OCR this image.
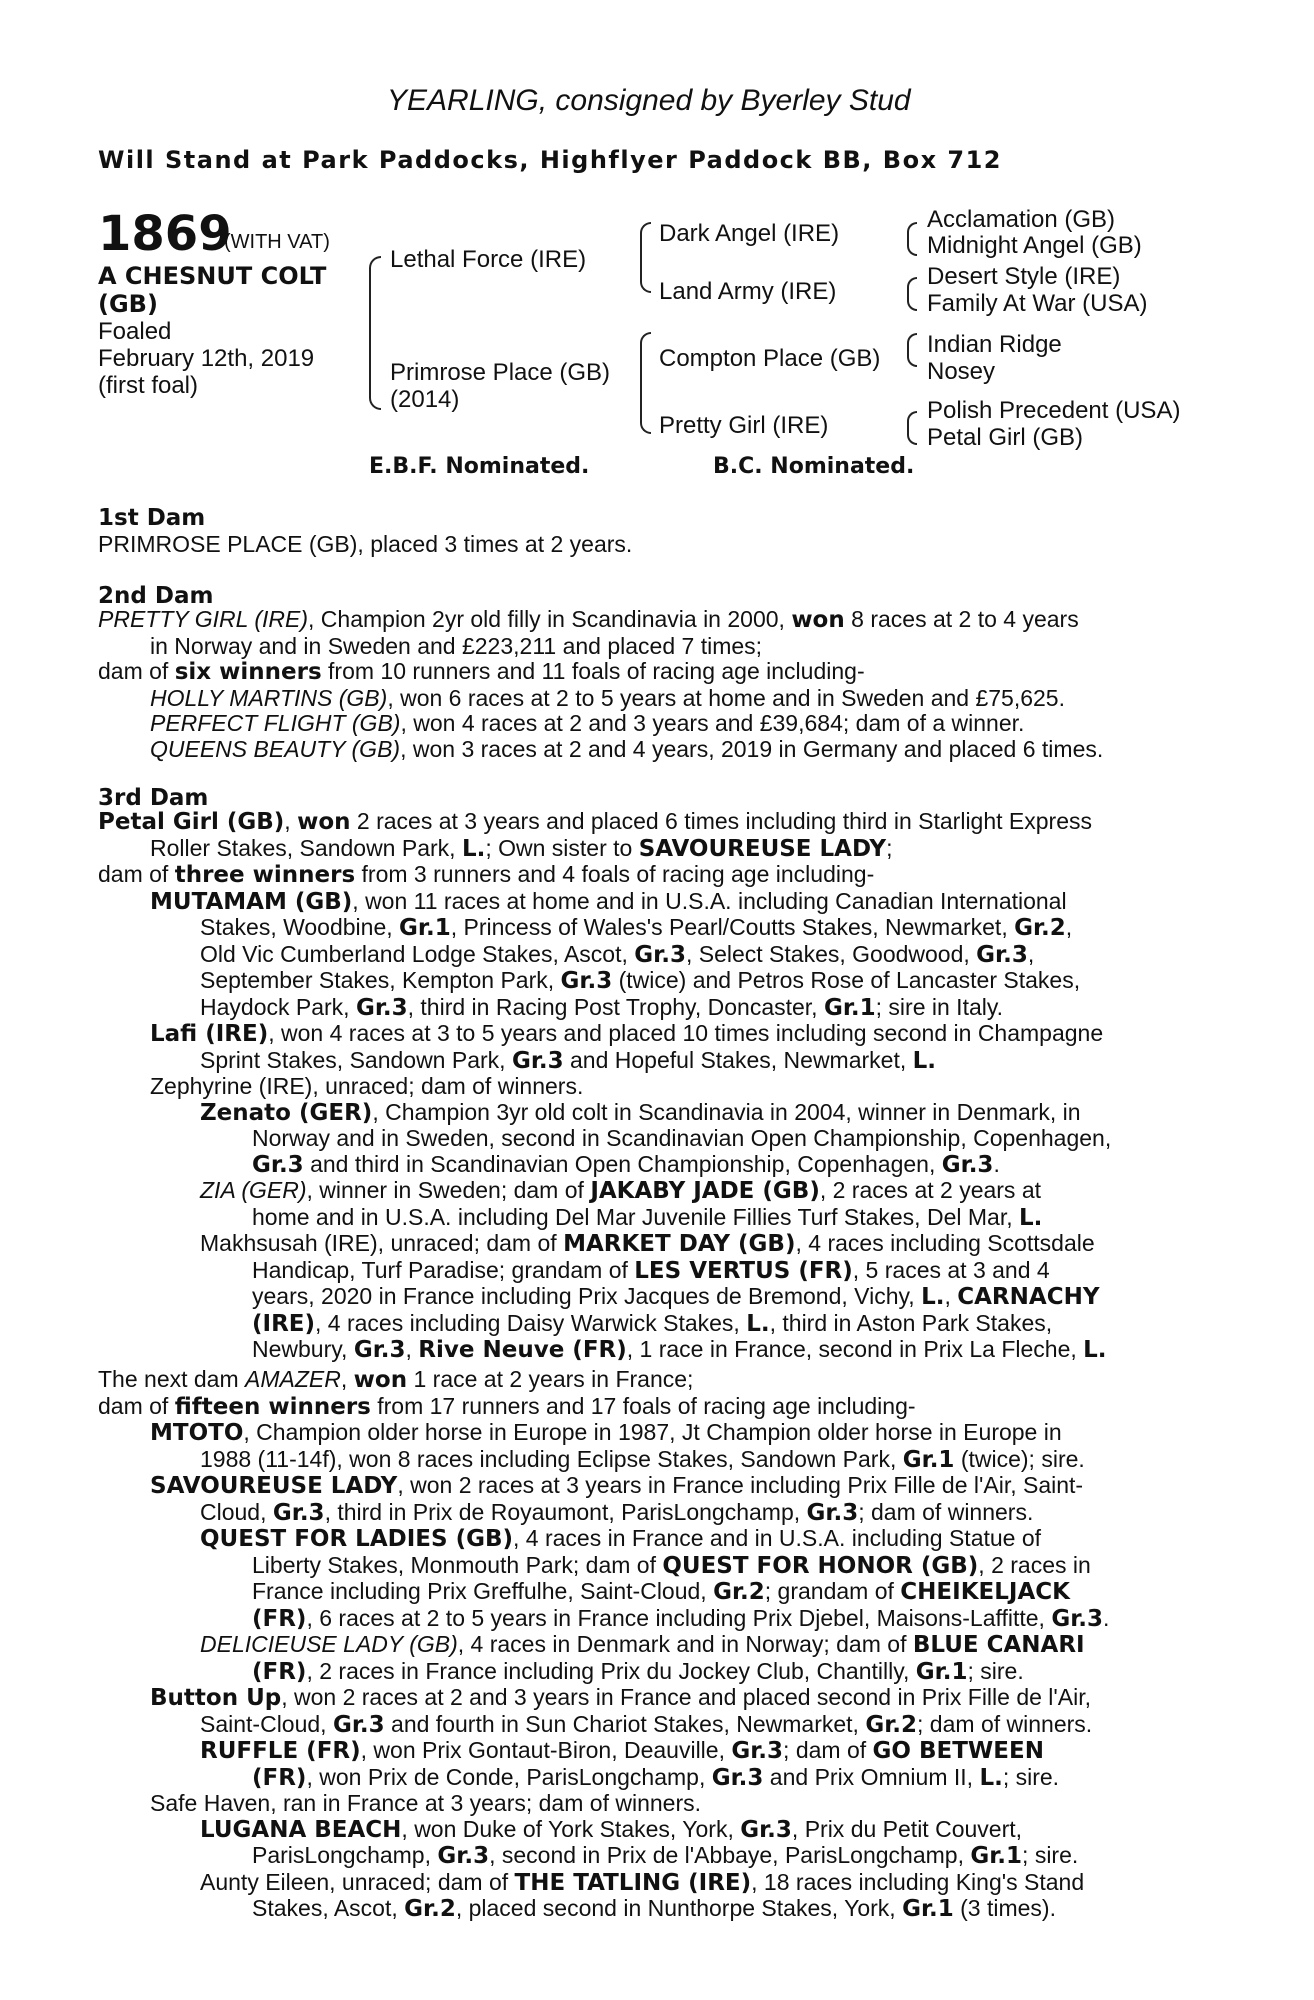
YEARLING, consigned by Byerley Stud
Will Stand at Park Paddocks, Highflyer Paddock BB, Box 712
1869
(WITH VAT)
A CHESNUT COLT
(GB)
Foaled
February 12th, 2019
(first foal)
Lethal Force (IRE)
Primrose Place (GB)
(2014)
Dark Angel (IRE)
Land Army (IRE)
Compton Place (GB)
Pretty Girl (IRE)
Acclamation (GB)
Midnight Angel (GB)
Desert Style (IRE)
Family At War (USA)
Indian Ridge
Nosey
Polish Precedent (USA)
Petal Girl (GB)
E.B.F. Nominated.	B.C. Nominated.
1st Dam
PRIMROSE PLACE (GB), placed 3 times at 2 years.
2nd Dam
PRETTY GIRL (IRE), Champion 2yr old filly in Scandinavia in 2000, won 8 races at 2 to 4 years
in Norway and in Sweden and £223,211 and placed 7 times;
dam of six winners from 10 runners and 11 foals of racing age including-
HOLLY MARTINS (GB), won 6 races at 2 to 5 years at home and in Sweden and £75,625.
PERFECT FLIGHT (GB), won 4 races at 2 and 3 years and £39,684; dam of a winner.
QUEENS BEAUTY (GB), won 3 races at 2 and 4 years, 2019 in Germany and placed 6 times.
3rd Dam
Petal Girl (GB), won 2 races at 3 years and placed 6 times including third in Starlight Express
Roller Stakes, Sandown Park, L.; Own sister to SAVOUREUSE LADY;
dam of three winners from 3 runners and 4 foals of racing age including-
MUTAMAM (GB), won 11 races at home and in U.S.A. including Canadian International
Stakes, Woodbine, Gr.1, Princess of Wales's Pearl/Coutts Stakes, Newmarket, Gr.2,
Old Vic Cumberland Lodge Stakes, Ascot, Gr.3, Select Stakes, Goodwood, Gr.3,
September Stakes, Kempton Park, Gr.3 (twice) and Petros Rose of Lancaster Stakes,
Haydock Park, Gr.3, third in Racing Post Trophy, Doncaster, Gr.1; sire in Italy.
Lafi (IRE), won 4 races at 3 to 5 years and placed 10 times including second in Champagne
Sprint Stakes, Sandown Park, Gr.3 and Hopeful Stakes, Newmarket, L.
Zephyrine (IRE), unraced; dam of winners.
Zenato (GER), Champion 3yr old colt in Scandinavia in 2004, winner in Denmark, in
Norway and in Sweden, second in Scandinavian Open Championship, Copenhagen,
Gr.3 and third in Scandinavian Open Championship, Copenhagen, Gr.3.
ZIA (GER), winner in Sweden; dam of JAKABY JADE (GB), 2 races at 2 years at
home and in U.S.A. including Del Mar Juvenile Fillies Turf Stakes, Del Mar, L.
Makhsusah (IRE), unraced; dam of MARKET DAY (GB), 4 races including Scottsdale
Handicap, Turf Paradise; grandam of LES VERTUS (FR), 5 races at 3 and 4
years, 2020 in France including Prix Jacques de Bremond, Vichy, L., CARNACHY
(IRE), 4 races including Daisy Warwick Stakes, L., third in Aston Park Stakes,
Newbury, Gr.3, Rive Neuve (FR), 1 race in France, second in Prix La Fleche, L.
The next dam AMAZER, won 1 race at 2 years in France;
dam of fifteen winners from 17 runners and 17 foals of racing age including-
MTOTO, Champion older horse in Europe in 1987, Jt Champion older horse in Europe in
1988 (11-14f), won 8 races including Eclipse Stakes, Sandown Park, Gr.1 (twice); sire.
SAVOUREUSE LADY, won 2 races at 3 years in France including Prix Fille de l'Air, Saint-
Cloud, Gr.3, third in Prix de Royaumont, ParisLongchamp, Gr.3; dam of winners.
QUEST FOR LADIES (GB), 4 races in France and in U.S.A. including Statue of
Liberty Stakes, Monmouth Park; dam of QUEST FOR HONOR (GB), 2 races in
France including Prix Greffulhe, Saint-Cloud, Gr.2; grandam of CHEIKELJACK
(FR), 6 races at 2 to 5 years in France including Prix Djebel, Maisons-Laffitte, Gr.3.
DELICIEUSE LADY (GB), 4 races in Denmark and in Norway; dam of BLUE CANARI
(FR), 2 races in France including Prix du Jockey Club, Chantilly, Gr.1; sire.
Button Up, won 2 races at 2 and 3 years in France and placed second in Prix Fille de l'Air,
Saint-Cloud, Gr.3 and fourth in Sun Chariot Stakes, Newmarket, Gr.2; dam of winners.
RUFFLE (FR), won Prix Gontaut-Biron, Deauville, Gr.3; dam of GO BETWEEN
(FR), won Prix de Conde, ParisLongchamp, Gr.3 and Prix Omnium II, L.; sire.
Safe Haven, ran in France at 3 years; dam of winners.
LUGANA BEACH, won Duke of York Stakes, York, Gr.3, Prix du Petit Couvert,
ParisLongchamp, Gr.3, second in Prix de l'Abbaye, ParisLongchamp, Gr.1; sire.
Aunty Eileen, unraced; dam of THE TATLING (IRE), 18 races including King's Stand
Stakes, Ascot, Gr.2, placed second in Nunthorpe Stakes, York, Gr.1 (3 times).
